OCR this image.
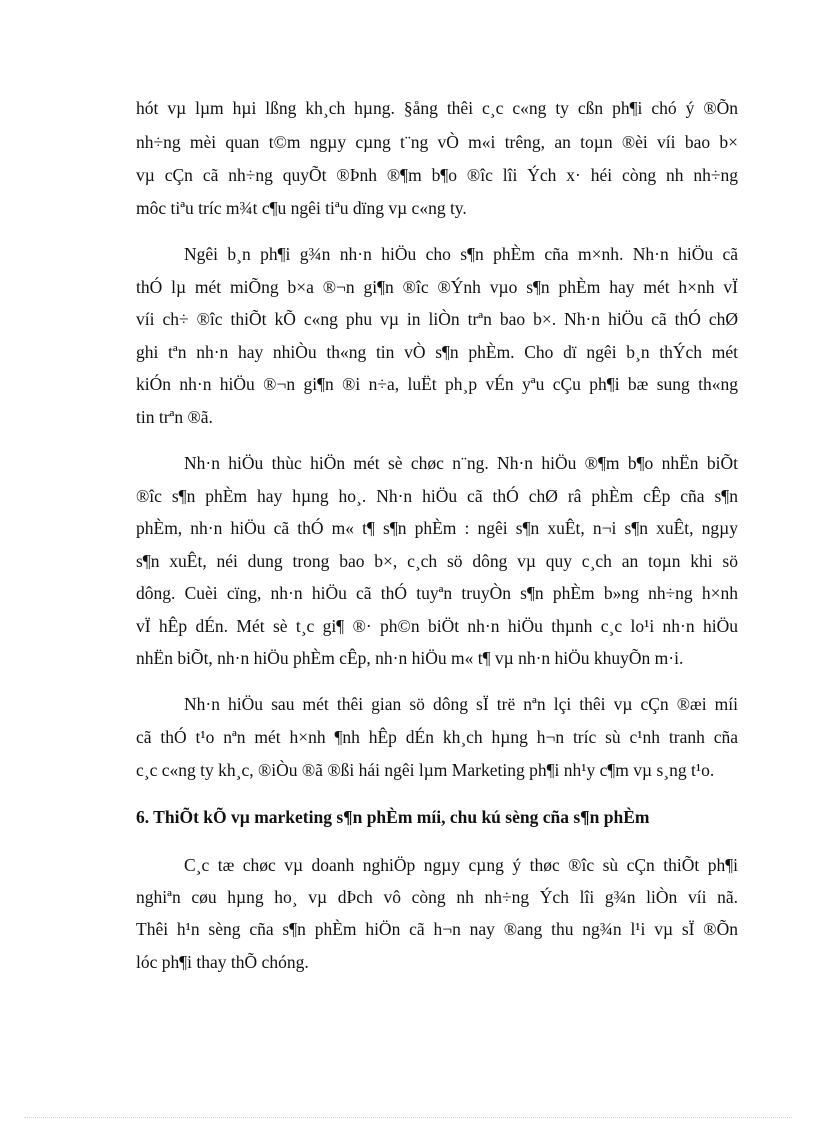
hót vµ lµm hµi lßng kh¸ch hµng. §ång thêi c¸c c«ng ty cßn ph¶i chó ý ®Õn
nh÷ng mèi quan t©m ngµy cµng t¨ng vÒ m«i trêng, an toµn ®èi víi bao b×
vµ cÇn cã nh÷ng quyÕt ®Þnh ®¶m b¶o ®îc lîi Ých x· héi còng nh nh÷ng
môc tiªu tríc m¾t c¶u ngêi tiªu dïng vµ c«ng ty.
Ngêi b¸n ph¶i g¾n nh·n hiÖu cho s¶n phÈm cña m×nh. Nh·n hiÖu cã
thÓ lµ mét miÕng b×a ®¬n gi¶n ®îc ®Ýnh vµo s¶n phÈm hay mét h×nh vÏ
víi ch÷ ®îc thiÕt kÕ c«ng phu vµ in liÒn trªn bao b×. Nh·n hiÖu cã thÓ chØ
ghi tªn nh·n hay nhiÒu th«ng tin vÒ s¶n phÈm. Cho dï ngêi b¸n thÝch mét
kiÓn nh·n hiÖu ®¬n gi¶n ®i n÷a, luËt ph¸p vÉn yªu cÇu ph¶i bæ sung th«ng
tin trªn ®ã.
Nh·n hiÖu thùc hiÖn mét sè chøc n¨ng. Nh·n hiÖu ®¶m b¶o nhËn biÕt
®îc s¶n phÈm hay hµng ho¸. Nh·n hiÖu cã thÓ chØ râ phÈm cÊp cña s¶n
phÈm, nh·n hiÖu cã thÓ m« t¶ s¶n phÈm : ngêi s¶n xuÊt, n¬i s¶n xuÊt, ngµy
s¶n xuÊt, néi dung trong bao b×, c¸ch sö dông vµ quy c¸ch an toµn khi sö
dông. Cuèi cïng, nh·n hiÖu cã thÓ tuyªn truyÒn s¶n phÈm b»ng nh÷ng h×nh
vÏ hÊp dÉn. Mét sè t¸c gi¶ ®· ph©n biÖt nh·n hiÖu thµnh c¸c lo¹i nh·n hiÖu
nhËn biÕt, nh·n hiÖu phÈm cÊp, nh·n hiÖu m« t¶ vµ nh·n hiÖu khuyÕn m·i.
Nh·n hiÖu sau mét thêi gian sö dông sÏ trë nªn lçi thêi vµ cÇn ®æi míi
cã thÓ t¹o nªn mét h×nh ¶nh hÊp dÉn kh¸ch hµng h¬n tríc sù c¹nh tranh cña
c¸c c«ng ty kh¸c, ®iÒu ®ã ®ßi hái ngêi lµm Marketing ph¶i nh¹y c¶m vµ s¸ng t¹o.
6. ThiÕt kÕ vµ marketing s¶n phÈm míi, chu kú sèng cña s¶n phÈm
C¸c tæ chøc vµ doanh nghiÖp ngµy cµng ý thøc ®îc sù cÇn thiÕt ph¶i
nghiªn cøu hµng ho¸ vµ dÞch vô còng nh nh÷ng Ých lîi g¾n liÒn víi nã.
Thêi h¹n sèng cña s¶n phÈm hiÖn cã h¬n nay ®ang thu ng¾n l¹i vµ sÏ ®Õn
lóc ph¶i thay thÕ chóng.
